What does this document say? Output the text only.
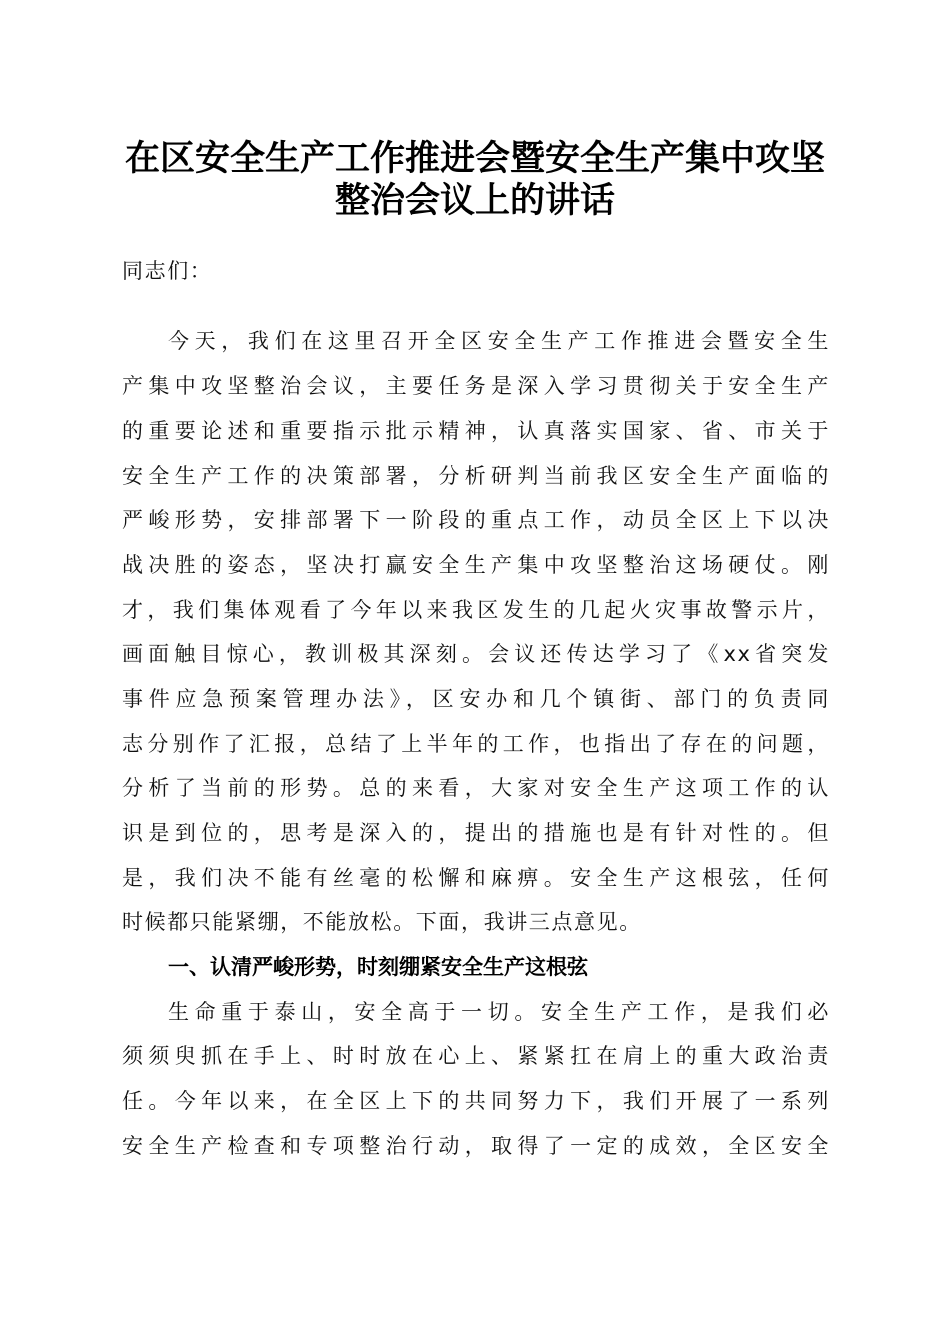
在区安全生产工作推进会暨安全生产集中攻坚
整治会议上的讲话
同志们：
今天，我们在这里召开全区安全生产工作推进会暨安全生
产集中攻坚整治会议，主要任务是深入学习贯彻关于安全生产
的重要论述和重要指示批示精神，认真落实国家、省、市关于
安全生产工作的决策部署，分析研判当前我区安全生产面临的
严峻形势，安排部署下一阶段的重点工作，动员全区上下以决
战决胜的姿态，坚决打赢安全生产集中攻坚整治这场硬仗。刚
才，我们集体观看了今年以来我区发生的几起火灾事故警示片，
画面触目惊心，教训极其深刻。会议还传达学习了《xx省突发
事件应急预案管理办法》，区安办和几个镇街、部门的负责同
志分别作了汇报，总结了上半年的工作，也指出了存在的问题，
分析了当前的形势。总的来看，大家对安全生产这项工作的认
识是到位的，思考是深入的，提出的措施也是有针对性的。但
是，我们决不能有丝毫的松懈和麻痹。安全生产这根弦，任何
时候都只能紧绷，不能放松。下面，我讲三点意见。
一、认清严峻形势，时刻绷紧安全生产这根弦
生命重于泰山，安全高于一切。安全生产工作，是我们必
须须臾抓在手上、时时放在心上、紧紧扛在肩上的重大政治责
任。今年以来，在全区上下的共同努力下，我们开展了一系列
安全生产检查和专项整治行动，取得了一定的成效，全区安全
